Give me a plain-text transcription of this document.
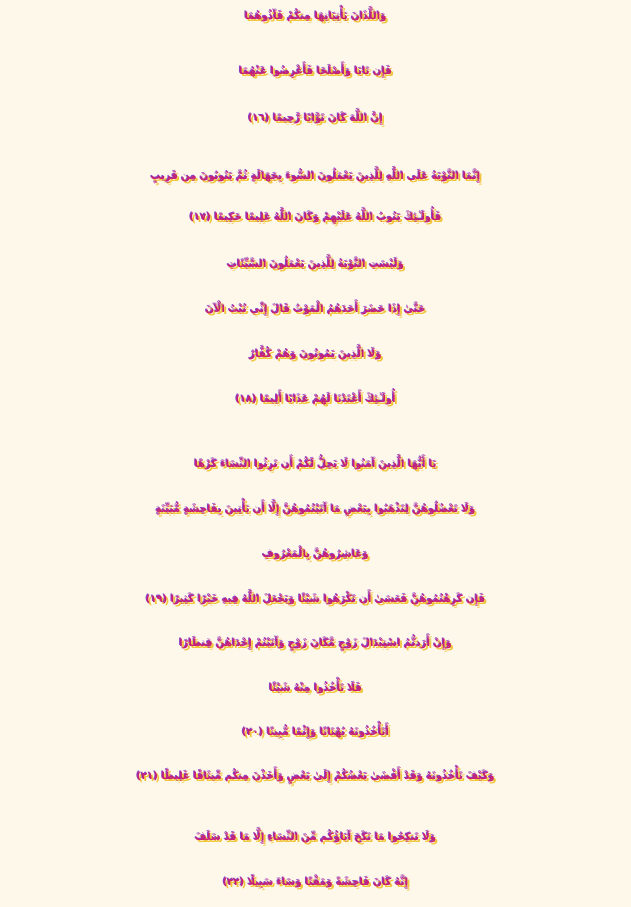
وَاللَّذَانَ يَأْتِيَانِهَا مِنكُمْ فَآذُوهُمَا
فَإِن تَابَا وَأَصْلَحَا فَأَعْرِضُوا عَنْهُمَا
إِنَّ اللَّهَ كَانَ تَوَّابًا رَّحِيمًا (١٦)
إِنَّمَا التَّوْبَةُ عَلَى اللَّهِ لِلَّذِينَ يَعْمَلُونَ السُّوءَ بِجَهَالَةٍ ثُمَّ يَتُوبُونَ مِن قَرِيبٍ
فَأُولَـٰئِكَ يَتُوبُ اللَّهُ عَلَيْهِمْ وَكَانَ اللَّهُ عَلِيمًا حَكِيمًا (١٧)
وَلَيْسَتِ التَّوْبَةُ لِلَّذِينَ يَعْمَلُونَ السَّيِّئَاتِ
حَتَّىٰ إِذَا حَضَرَ أَحَدَهُمُ الْمَوْتُ قَالَ إِنِّي تُبْتُ الْآنَ
وَلَا الَّذِينَ يَمُوتُونَ وَهُمْ كُفَّارٌ
أُولَـٰئِكَ أَعْتَدْنَا لَهُمْ عَذَابًا أَلِيمًا (١٨)
يَا أَيُّهَا الَّذِينَ آمَنُوا لَا يَحِلُّ لَكُمْ أَن تَرِثُوا النِّسَاءَ كَرْهًا
وَلَا تَعْضُلُوهُنَّ لِتَذْهَبُوا بِبَعْضِ مَا آتَيْتُمُوهُنَّ إِلَّا أَن يَأْتِينَ بِفَاحِشَةٍ مُّبَيِّنَةٍ
وَعَاشِرُوهُنَّ بِالْمَعْرُوفِ
فَإِن كَرِهْتُمُوهُنَّ فَعَسَىٰ أَن تَكْرَهُوا شَيْئًا وَيَجْعَلَ اللَّهُ فِيهِ خَيْرًا كَثِيرًا (١٩)
وَإِنْ أَرَدتُّمُ اسْتِبْدَالَ زَوْجٍ مَّكَانَ زَوْجٍ وَآتَيْتُمْ إِحْدَاهُنَّ قِنطَارًا
فَلَا تَأْخُذُوا مِنْهُ شَيْئًا
أَتَأْخُذُونَهُ بُهْتَانًا وَإِثْمًا مُّبِينًا (٢٠)
وَكَيْفَ تَأْخُذُونَهُ وَقَدْ أَفْضَىٰ بَعْضُكُمْ إِلَىٰ بَعْضٍ وَأَخَذْنَ مِنكُم مِّيثَاقًا غَلِيظًا (٢١)
وَلَا تَنكِحُوا مَا نَكَحَ آبَاؤُكُم مِّنَ النِّسَاءِ إِلَّا مَا قَدْ سَلَفَ
إِنَّهُ كَانَ فَاحِشَةً وَمَقْتًا وَسَاءَ سَبِيلًا (٢٢)
